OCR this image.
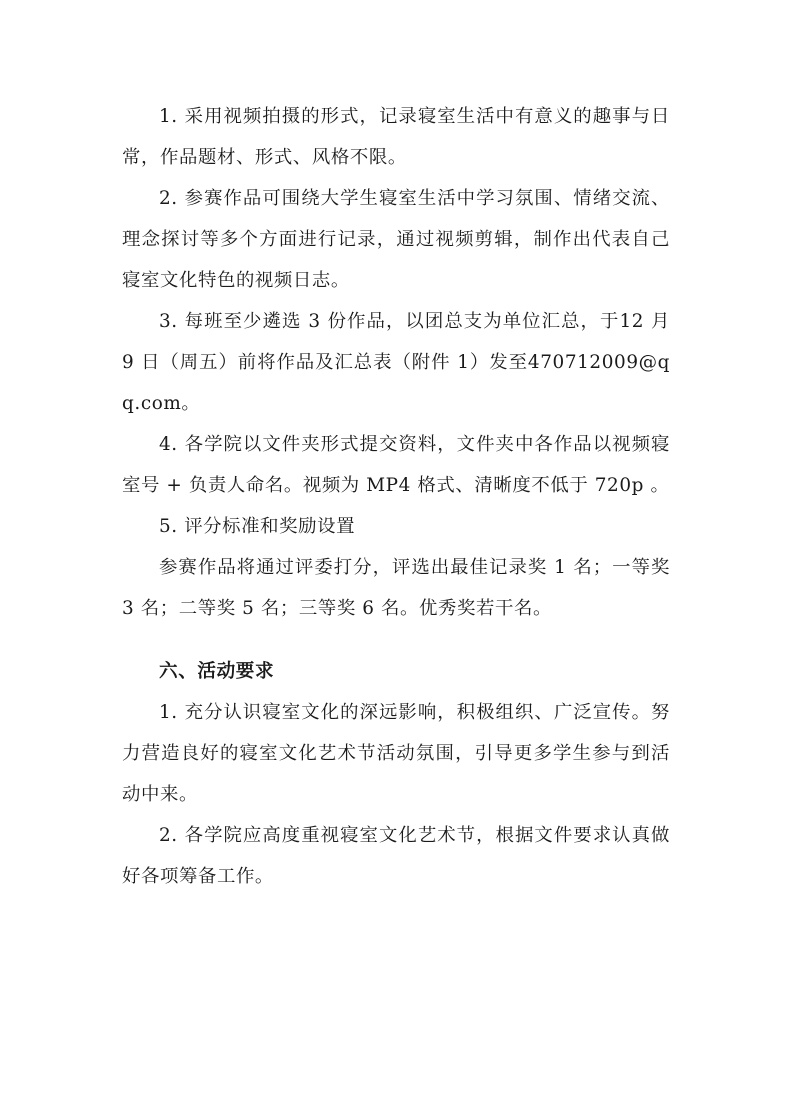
1. 采用视频拍摄的形式，记录寝室生活中有意义的趣事与日常，作品题材、形式、风格不限。

2. 参赛作品可围绕大学生寝室生活中学习氛围、情绪交流、理念探讨等多个方面进行记录，通过视频剪辑，制作出代表自己寝室文化特色的视频日志。

3. 每班至少遴选 3 份作品，以团总支为单位汇总，于12 月 9 日（周五）前将作品及汇总表（附件 1）发至470712009@qq.com。

4. 各学院以文件夹形式提交资料，文件夹中各作品以视频寝室号 + 负责人命名。视频为 MP4 格式、清晰度不低于 720p 。

5. 评分标准和奖励设置

参赛作品将通过评委打分，评选出最佳记录奖 1 名；一等奖 3 名；二等奖 5 名；三等奖 6 名。优秀奖若干名。

六、活动要求

1. 充分认识寝室文化的深远影响，积极组织、广泛宣传。努力营造良好的寝室文化艺术节活动氛围，引导更多学生参与到活动中来。

2. 各学院应高度重视寝室文化艺术节，根据文件要求认真做好各项筹备工作。
